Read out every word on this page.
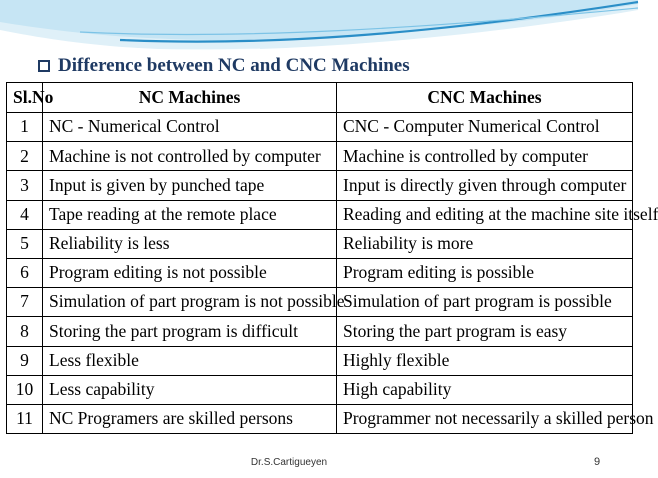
Difference between NC and CNC Machines
Sl.No	NC Machines	CNC Machines
1	NC - Numerical Control	CNC - Computer Numerical Control
2	Machine is not controlled by computer	Machine is controlled by computer
3	Input is given by punched tape	Input is directly given through computer
4	Tape reading at the remote place	Reading and editing at the machine site itself
5	Reliability is less	Reliability is more
6	Program editing is not possible	Program editing is possible
7	Simulation of part program is not possible	Simulation of part program is possible
8	Storing the part program is difficult	Storing the part program is easy
9	Less flexible	Highly flexible
10	Less capability	High capability
11	NC Programers are skilled persons	Programmer not necessarily a skilled person
Dr.S.Cartigueyen	9
